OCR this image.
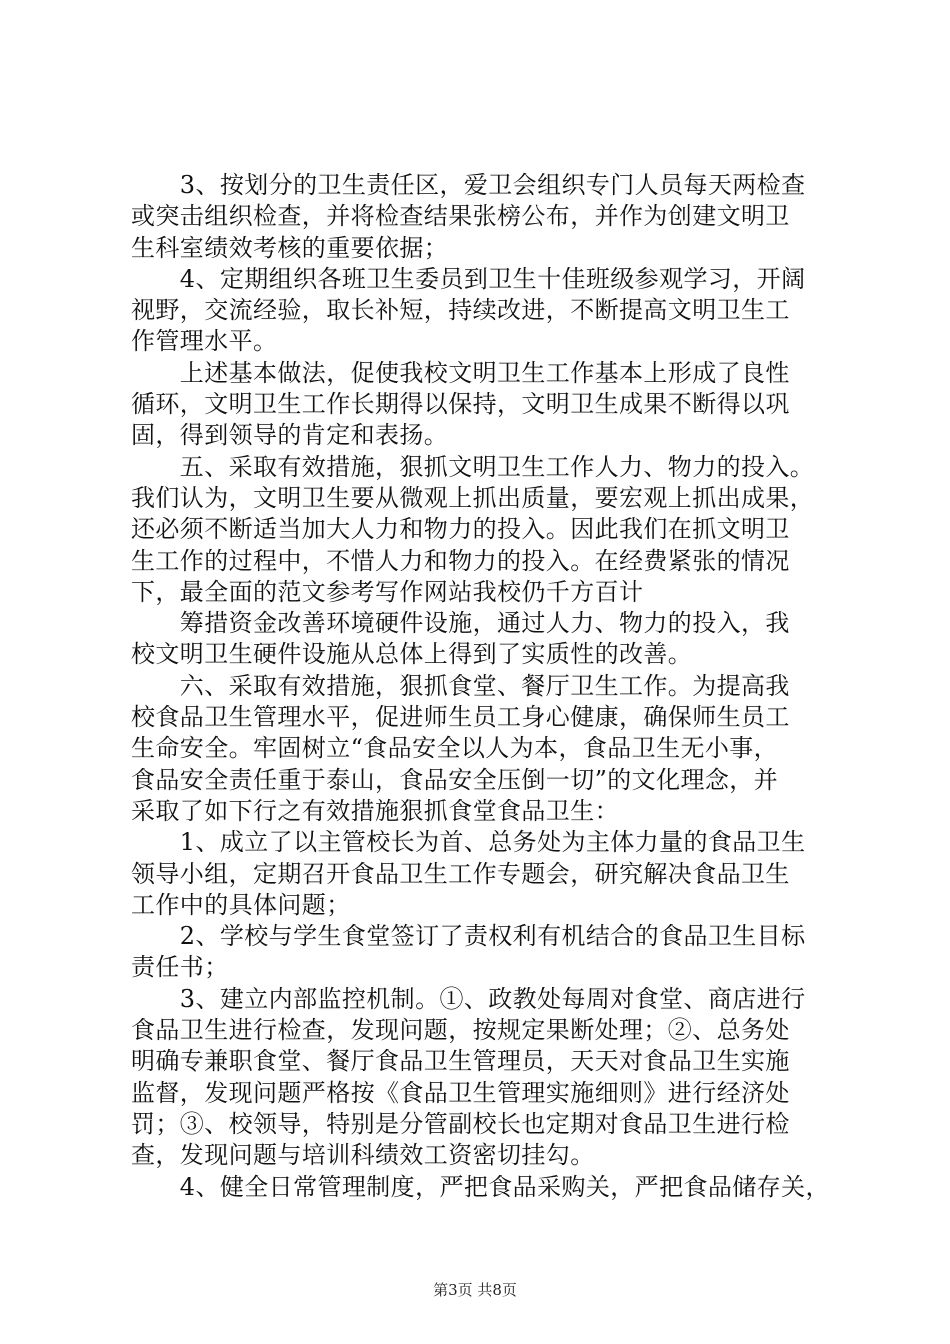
　　3、按划分的卫生责任区，爱卫会组织专门人员每天两检查
或突击组织检查，并将检查结果张榜公布，并作为创建文明卫
生科室绩效考核的重要依据；
　　4、定期组织各班卫生委员到卫生十佳班级参观学习，开阔
视野，交流经验，取长补短，持续改进，不断提高文明卫生工
作管理水平。
　　上述基本做法，促使我校文明卫生工作基本上形成了良性
循环，文明卫生工作长期得以保持，文明卫生成果不断得以巩
固，得到领导的肯定和表扬。
　　五、采取有效措施，狠抓文明卫生工作人力、物力的投入。
我们认为，文明卫生要从微观上抓出质量，要宏观上抓出成果，
还必须不断适当加大人力和物力的投入。因此我们在抓文明卫
生工作的过程中，不惜人力和物力的投入。在经费紧张的情况
下，最全面的范文参考写作网站我校仍千方百计
　　筹措资金改善环境硬件设施，通过人力、物力的投入，我
校文明卫生硬件设施从总体上得到了实质性的改善。
　　六、采取有效措施，狠抓食堂、餐厅卫生工作。为提高我
校食品卫生管理水平，促进师生员工身心健康，确保师生员工
生命安全。牢固树立“食品安全以人为本，食品卫生无小事，
食品安全责任重于泰山，食品安全压倒一切”的文化理念，并
采取了如下行之有效措施狠抓食堂食品卫生：
　　1、成立了以主管校长为首、总务处为主体力量的食品卫生
领导小组，定期召开食品卫生工作专题会，研究解决食品卫生
工作中的具体问题；
　　2、学校与学生食堂签订了责权利有机结合的食品卫生目标
责任书；
　　3、建立内部监控机制。①、政教处每周对食堂、商店进行
食品卫生进行检查，发现问题，按规定果断处理；②、总务处
明确专兼职食堂、餐厅食品卫生管理员，天天对食品卫生实施
监督，发现问题严格按《食品卫生管理实施细则》进行经济处
罚；③、校领导，特别是分管副校长也定期对食品卫生进行检
查，发现问题与培训科绩效工资密切挂勾。
　　4、健全日常管理制度，严把食品采购关，严把食品储存关，
第3页 共8页
